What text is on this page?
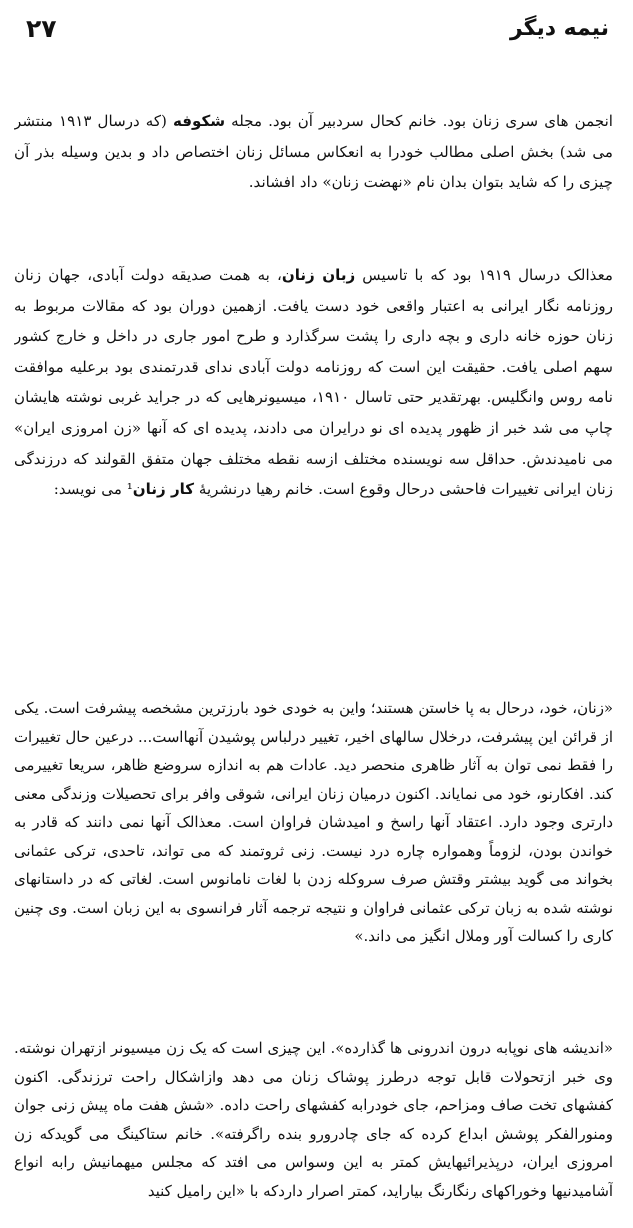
نیمه دیگر
۲۷

انجمن های سری زنان بود. خانم کحال سردبیر آن بود. مجله شکوفه (که درسال ۱۹۱۳ منتشر می شد) بخش اصلی مطالب خودرا به انعکاس مسائل زنان اختصاص داد و بدین وسیله بذر آن چیزی را که شاید بتوان بدان نام «نهضت زنان» داد افشاند.

معذالک درسال ۱۹۱۹ بود که با تاسیس زبان زنان، به همت صدیقه دولت آبادی، جهان زنان روزنامه نگار ایرانی به اعتبار واقعی خود دست یافت. ازهمین دوران بود که مقالات مربوط به زنان حوزه خانه داری و بچه داری را پشت سرگذارد و طرح امور جاری در داخل و خارج کشور سهم اصلی یافت. حقیقت این است که روزنامه دولت آبادی ندای قدرتمندی بود برعلیه موافقت نامه روس وانگلیس. بهرتقدیر حتی تاسال ۱۹۱۰، میسیونرهایی که در جراید غربی نوشته هایشان چاپ می شد خبر از ظهور پدیده ای نو درایران می دادند، پدیده ای که آنها «زن امروزی ایران» می نامیدندش. حداقل سه نویسنده مختلف ازسه نقطه مختلف جهان متفق القولند که درزندگی زنان ایرانی تغییرات فاحشی درحال وقوع است. خانم رهیا درنشریهٔ کار زنان¹ می نویسد:

«زنان، خود، درحال به پا خاستن هستند؛ واین به خودی خود بارزترین مشخصه پیشرفت است. یکی از قرائن این پیشرفت، درخلال سالهای اخیر، تغییر درلباس پوشیدن آنهااست... درعین حال تغییرات را فقط نمی توان به آثار ظاهری منحصر دید. عادات هم به اندازه سروضع ظاهر، سریعا تغییرمی کند. افکارنو، خود می نمایاند. اکنون درمیان زنان ایرانی، شوقی وافر برای تحصیلات وزندگی معنی دارتری وجود دارد. اعتقاد آنها راسخ و امیدشان فراوان است. معذالک آنها نمی دانند که قادر به خواندن بودن، لزوماً وهمواره چاره درد نیست. زنی ثروتمند که می تواند، تاحدی، ترکی عثمانی بخواند می گوید بیشتر وقتش صرف سروکله زدن با لغات نامانوس است. لغاتی که در داستانهای نوشته شده به زبان ترکی عثمانی فراوان و نتیجه ترجمه آثار فرانسوی به این زبان است. وی چنین کاری را کسالت آور وملال انگیز می داند.»

«اندیشه های نوپابه درون اندرونی ها گذارده». این چیزی است که یک زن میسیونر ازتهران نوشته. وی خبر ازتحولات قابل توجه درطرز پوشاک زنان می دهد وازاشکال راحت ترزندگی. اکنون کفشهای تخت صاف ومزاحم، جای خودرابه کفشهای راحت داده. «شش هفت ماه پیش زنی جوان ومنورالفکر پوشش ابداع کرده که جای چادرورو بنده راگرفته». خانم ستاکینگ می گویدکه زن امروزی ایران، درپذیرائیهایش کمتر به این وسواس می افتد که مجلس میهمانیش رابه انواع آشامیدنیها وخوراکهای رنگارنگ بیاراید، کمتر اصرار داردکه با «این رامیل کنید
